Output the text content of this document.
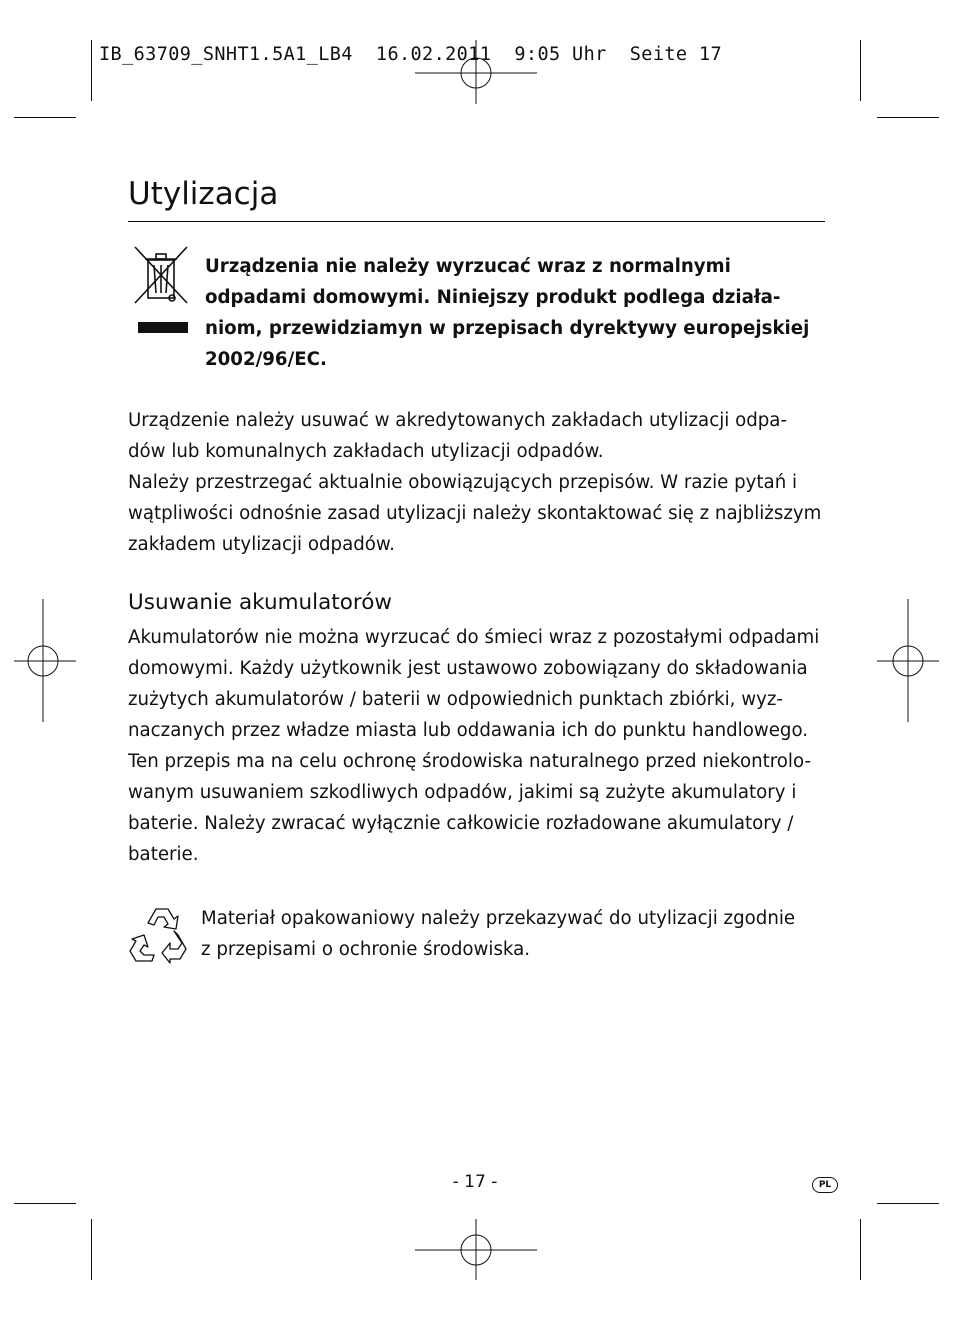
IB_63709_SNHT1.5A1_LB4  16.02.2011  9:05 Uhr  Seite 17
Utylizacja
Urządzenia nie należy wyrzucać wraz z normalnymi
odpadami domowymi. Niniejszy produkt podlega działa-
niom, przewidziamyn w przepisach dyrektywy europejskiej
2002/96/EC.
Urządzenie należy usuwać w akredytowanych zakładach utylizacji odpa-
dów lub komunalnych zakładach utylizacji odpadów.
Należy przestrzegać aktualnie obowiązujących przepisów. W razie pytań i
wątpliwości odnośnie zasad utylizacji należy skontaktować się z najbliższym
zakładem utylizacji odpadów.
Usuwanie akumulatorów
Akumulatorów nie można wyrzucać do śmieci wraz z pozostałymi odpadami
domowymi. Każdy użytkownik jest ustawowo zobowiązany do składowania
zużytych akumulatorów / baterii w odpowiednich punktach zbiórki, wyz-
naczanych przez władze miasta lub oddawania ich do punktu handlowego.
Ten przepis ma na celu ochronę środowiska naturalnego przed niekontrolo-
wanym usuwaniem szkodliwych odpadów, jakimi są zużyte akumulatory i
baterie. Należy zwracać wyłącznie całkowicie rozładowane akumulatory /
baterie.
Materiał opakowaniowy należy przekazywać do utylizacji zgodnie
z przepisami o ochronie środowiska.
- 17 -	PL
